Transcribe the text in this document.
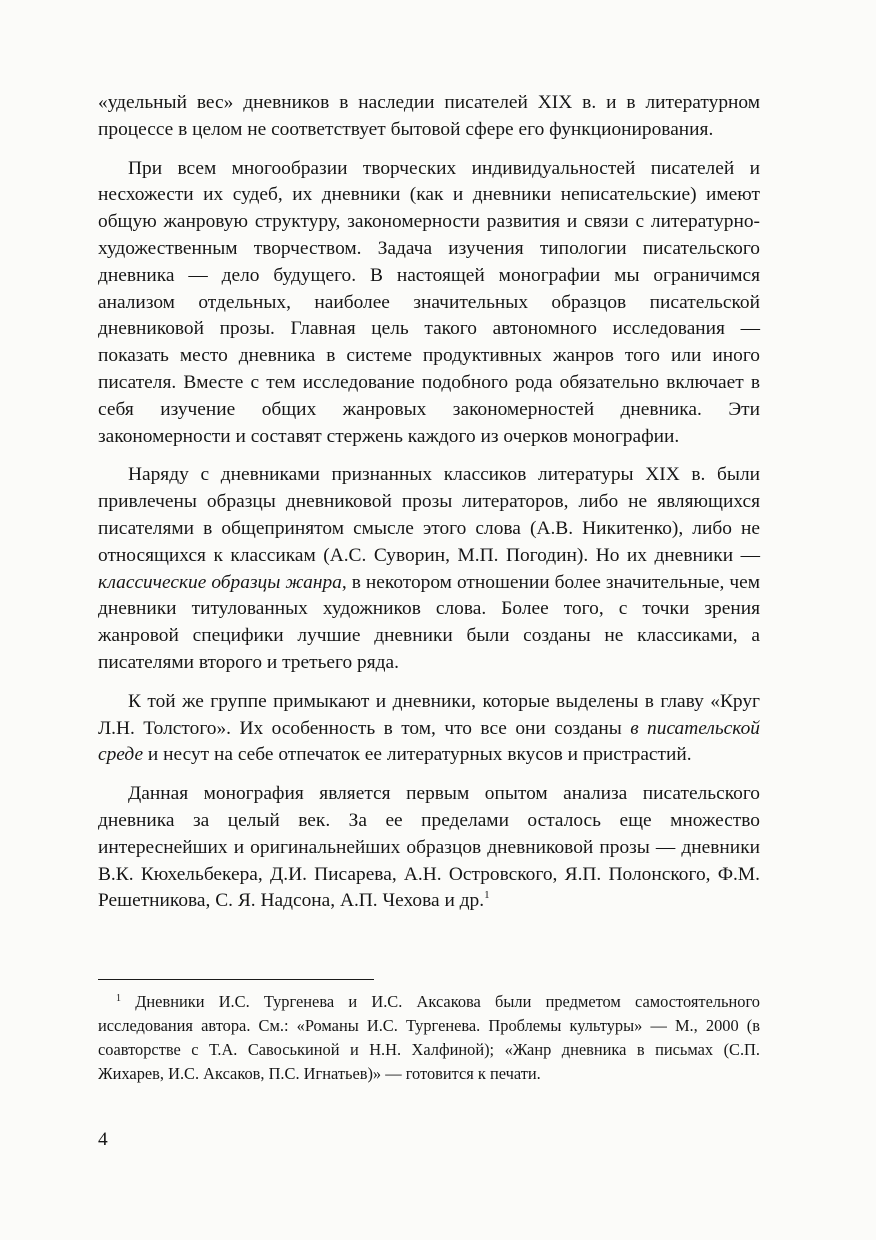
«удельный вес» дневников в наследии писателей XIX в. и в литературном процессе в целом не соответствует бытовой сфере его функционирования.

При всем многообразии творческих индивидуальностей писателей и несхожести их судеб, их дневники (как и дневники неписательские) имеют общую жанровую структуру, закономерности развития и связи с литературно-художественным творчеством. Задача изучения типологии писательского дневника — дело будущего. В настоящей монографии мы ограничимся анализом отдельных, наиболее значительных образцов писательской дневниковой прозы. Главная цель такого автономного исследования — показать место дневника в системе продуктивных жанров того или иного писателя. Вместе с тем исследование подобного рода обязательно включает в себя изучение общих жанровых закономерностей дневника. Эти закономерности и составят стержень каждого из очерков монографии.

Наряду с дневниками признанных классиков литературы XIX в. были привлечены образцы дневниковой прозы литераторов, либо не являющихся писателями в общепринятом смысле этого слова (А.В. Никитенко), либо не относящихся к классикам (А.С. Суворин, М.П. Погодин). Но их дневники — классические образцы жанра, в некотором отношении более значительные, чем дневники титулованных художников слова. Более того, с точки зрения жанровой специфики лучшие дневники были созданы не классиками, а писателями второго и третьего ряда.

К той же группе примыкают и дневники, которые выделены в главу «Круг Л.Н. Толстого». Их особенность в том, что все они созданы в писательской среде и несут на себе отпечаток ее литературных вкусов и пристрастий.

Данная монография является первым опытом анализа писательского дневника за целый век. За ее пределами осталось еще множество интереснейших и оригинальнейших образцов дневниковой прозы — дневники В.К. Кюхельбекера, Д.И. Писарева, А.Н. Островского, Я.П. Полонского, Ф.М. Решетникова, С. Я. Надсона, А.П. Чехова и др.$^1$

$^1$ Дневники И.С. Тургенева и И.С. Аксакова были предметом самостоятельного исследования автора. См.: «Романы И.С. Тургенева. Проблемы культуры» — М., 2000 (в соавторстве с Т.А. Савоськиной и Н.Н. Халфиной); «Жанр дневника в письмах (С.П. Жихарев, И.С. Аксаков, П.С. Игнатьев)» — готовится к печати.

4
